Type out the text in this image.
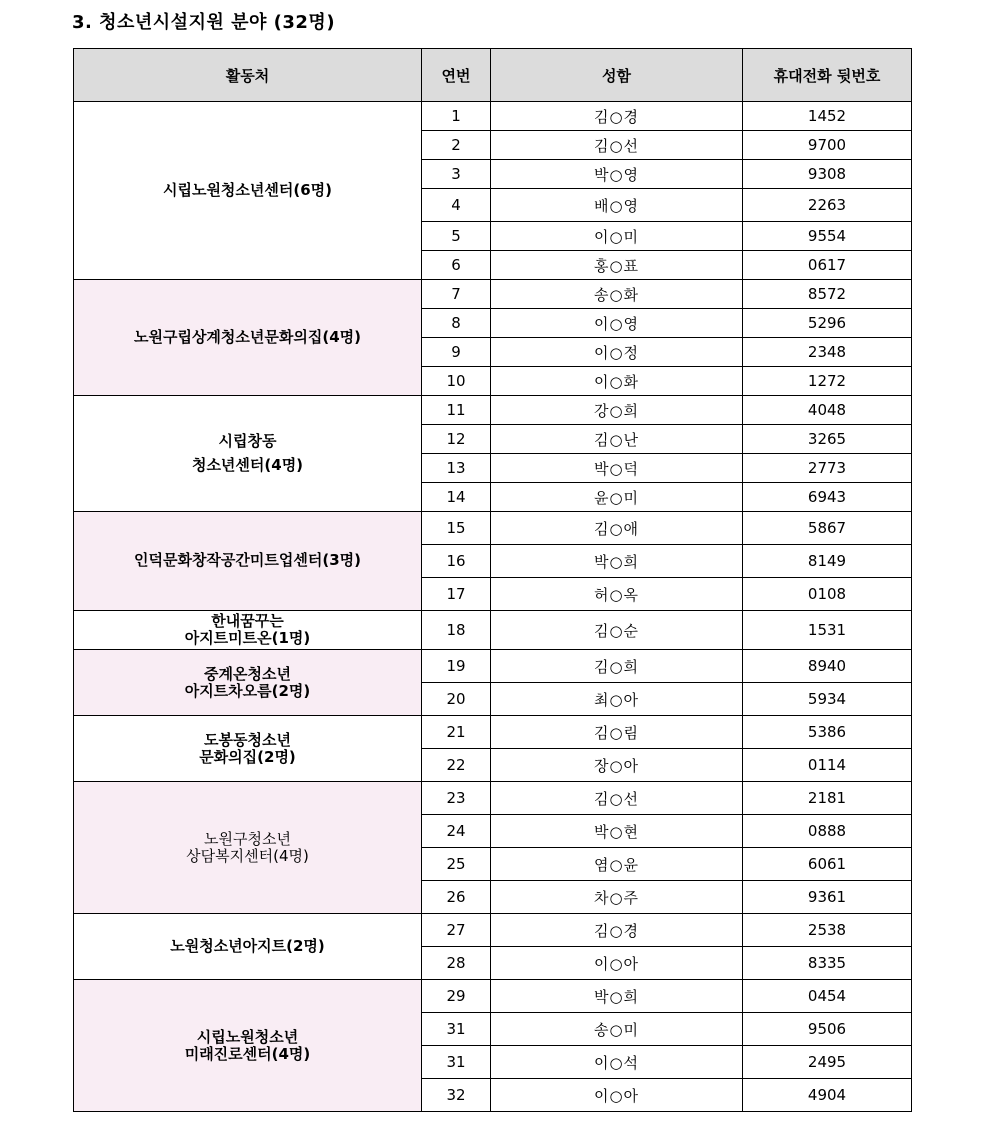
3. 청소년시설지원 분야 (32명)
활동처	연번	성함	휴대전화 뒷번호

시립노원청소년센터(6명)	1	김○경	1452
	2	김○선	9700
	3	박○영	9308
	4	배○영	2263
	5	이○미	9554
	6	홍○표	0617

노원구립상계청소년문화의집(4명)	7	송○화	8572
	8	이○영	5296
	9	이○정	2348
	10	이○화	1272

시립창동
청소년센터(4명)	11	강○희	4048
	12	김○난	3265
	13	박○덕	2773
	14	윤○미	6943

인덕문화창작공간미트업센터(3명)	15	김○애	5867
	16	박○희	8149
	17	허○옥	0108

한내꿈꾸는
아지트미트온(1명)	18	김○순	1531

중계온청소년
아지트차오름(2명)	19	김○희	8940
	20	최○아	5934

도봉동청소년
문화의집(2명)	21	김○림	5386
	22	장○아	0114

노원구청소년
상담복지센터(4명)	23	김○선	2181
	24	박○현	0888
	25	염○윤	6061
	26	차○주	9361

노원청소년아지트(2명)	27	김○경	2538
	28	이○아	8335

시립노원청소년
미래진로센터(4명)	29	박○희	0454
	31	송○미	9506
	31	이○석	2495
	32	이○아	4904
